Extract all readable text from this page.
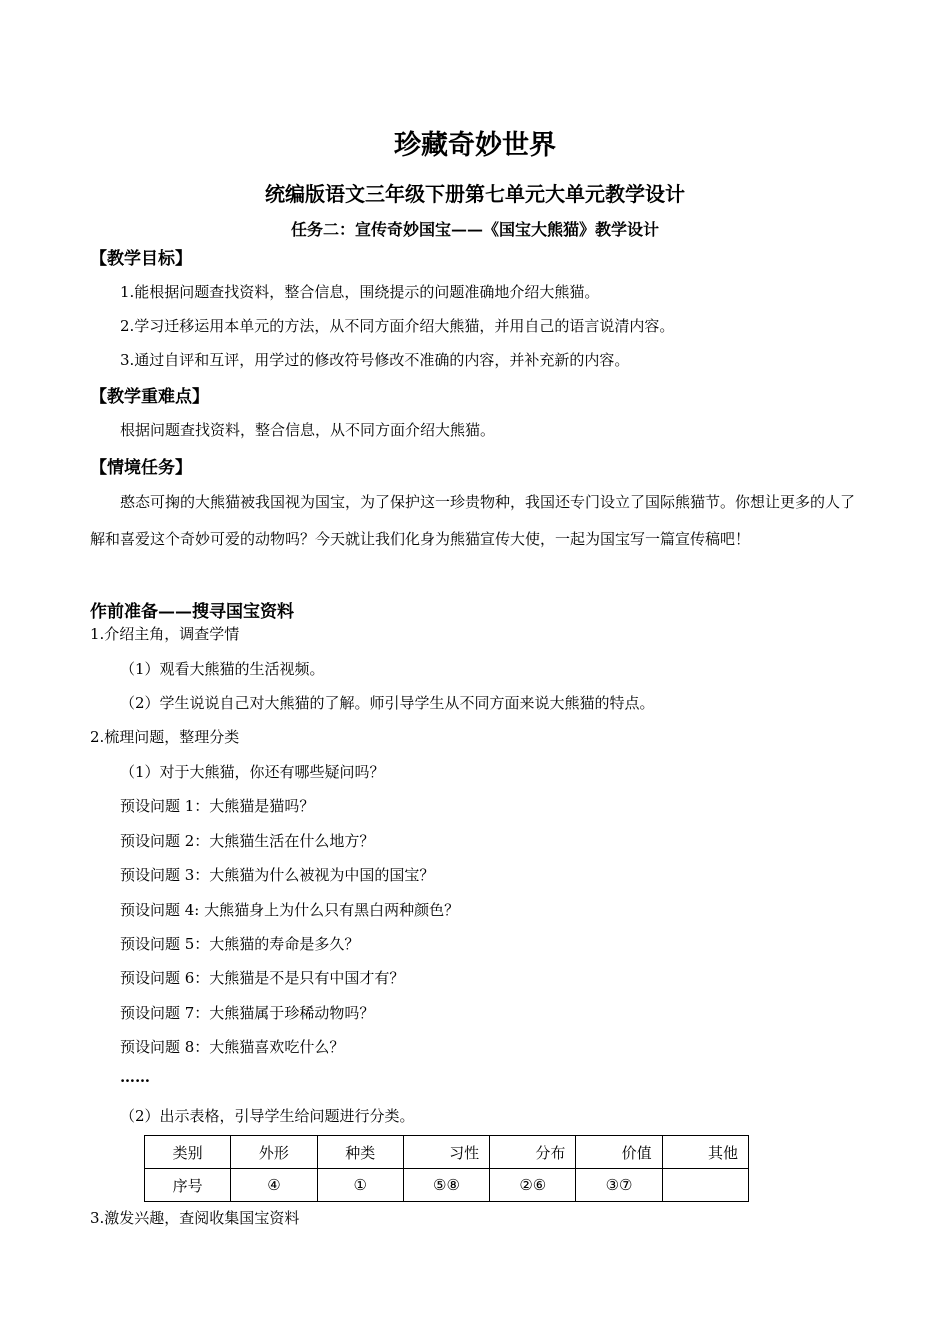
珍藏奇妙世界
统编版语文三年级下册第七单元大单元教学设计
任务二：宣传奇妙国宝——《国宝大熊猫》教学设计
【教学目标】
1.能根据问题查找资料，整合信息，围绕提示的问题准确地介绍大熊猫。
2.学习迁移运用本单元的方法，从不同方面介绍大熊猫，并用自己的语言说清内容。
3.通过自评和互评，用学过的修改符号修改不准确的内容，并补充新的内容。
【教学重难点】
根据问题查找资料，整合信息，从不同方面介绍大熊猫。
【情境任务】
憨态可掬的大熊猫被我国视为国宝，为了保护这一珍贵物种，我国还专门设立了国际熊猫节。你想让更多的人了解和喜爱这个奇妙可爱的动物吗？今天就让我们化身为熊猫宣传大使，一起为国宝写一篇宣传稿吧！
作前准备——搜寻国宝资料
1.介绍主角，调查学情
（1）观看大熊猫的生活视频。
（2）学生说说自己对大熊猫的了解。师引导学生从不同方面来说大熊猫的特点。
2.梳理问题，整理分类
（1）对于大熊猫，你还有哪些疑问吗？
预设问题 1：大熊猫是猫吗？
预设问题 2：大熊猫生活在什么地方？
预设问题 3：大熊猫为什么被视为中国的国宝？
预设问题 4: 大熊猫身上为什么只有黑白两种颜色？
预设问题 5：大熊猫的寿命是多久？
预设问题 6：大熊猫是不是只有中国才有？
预设问题 7：大熊猫属于珍稀动物吗？
预设问题 8：大熊猫喜欢吃什么？
……
（2）出示表格，引导学生给问题进行分类。
类别	外形	种类	习性	分布	价值	其他
序号	④	①	⑤⑧	②⑥	③⑦	
3.激发兴趣，查阅收集国宝资料
